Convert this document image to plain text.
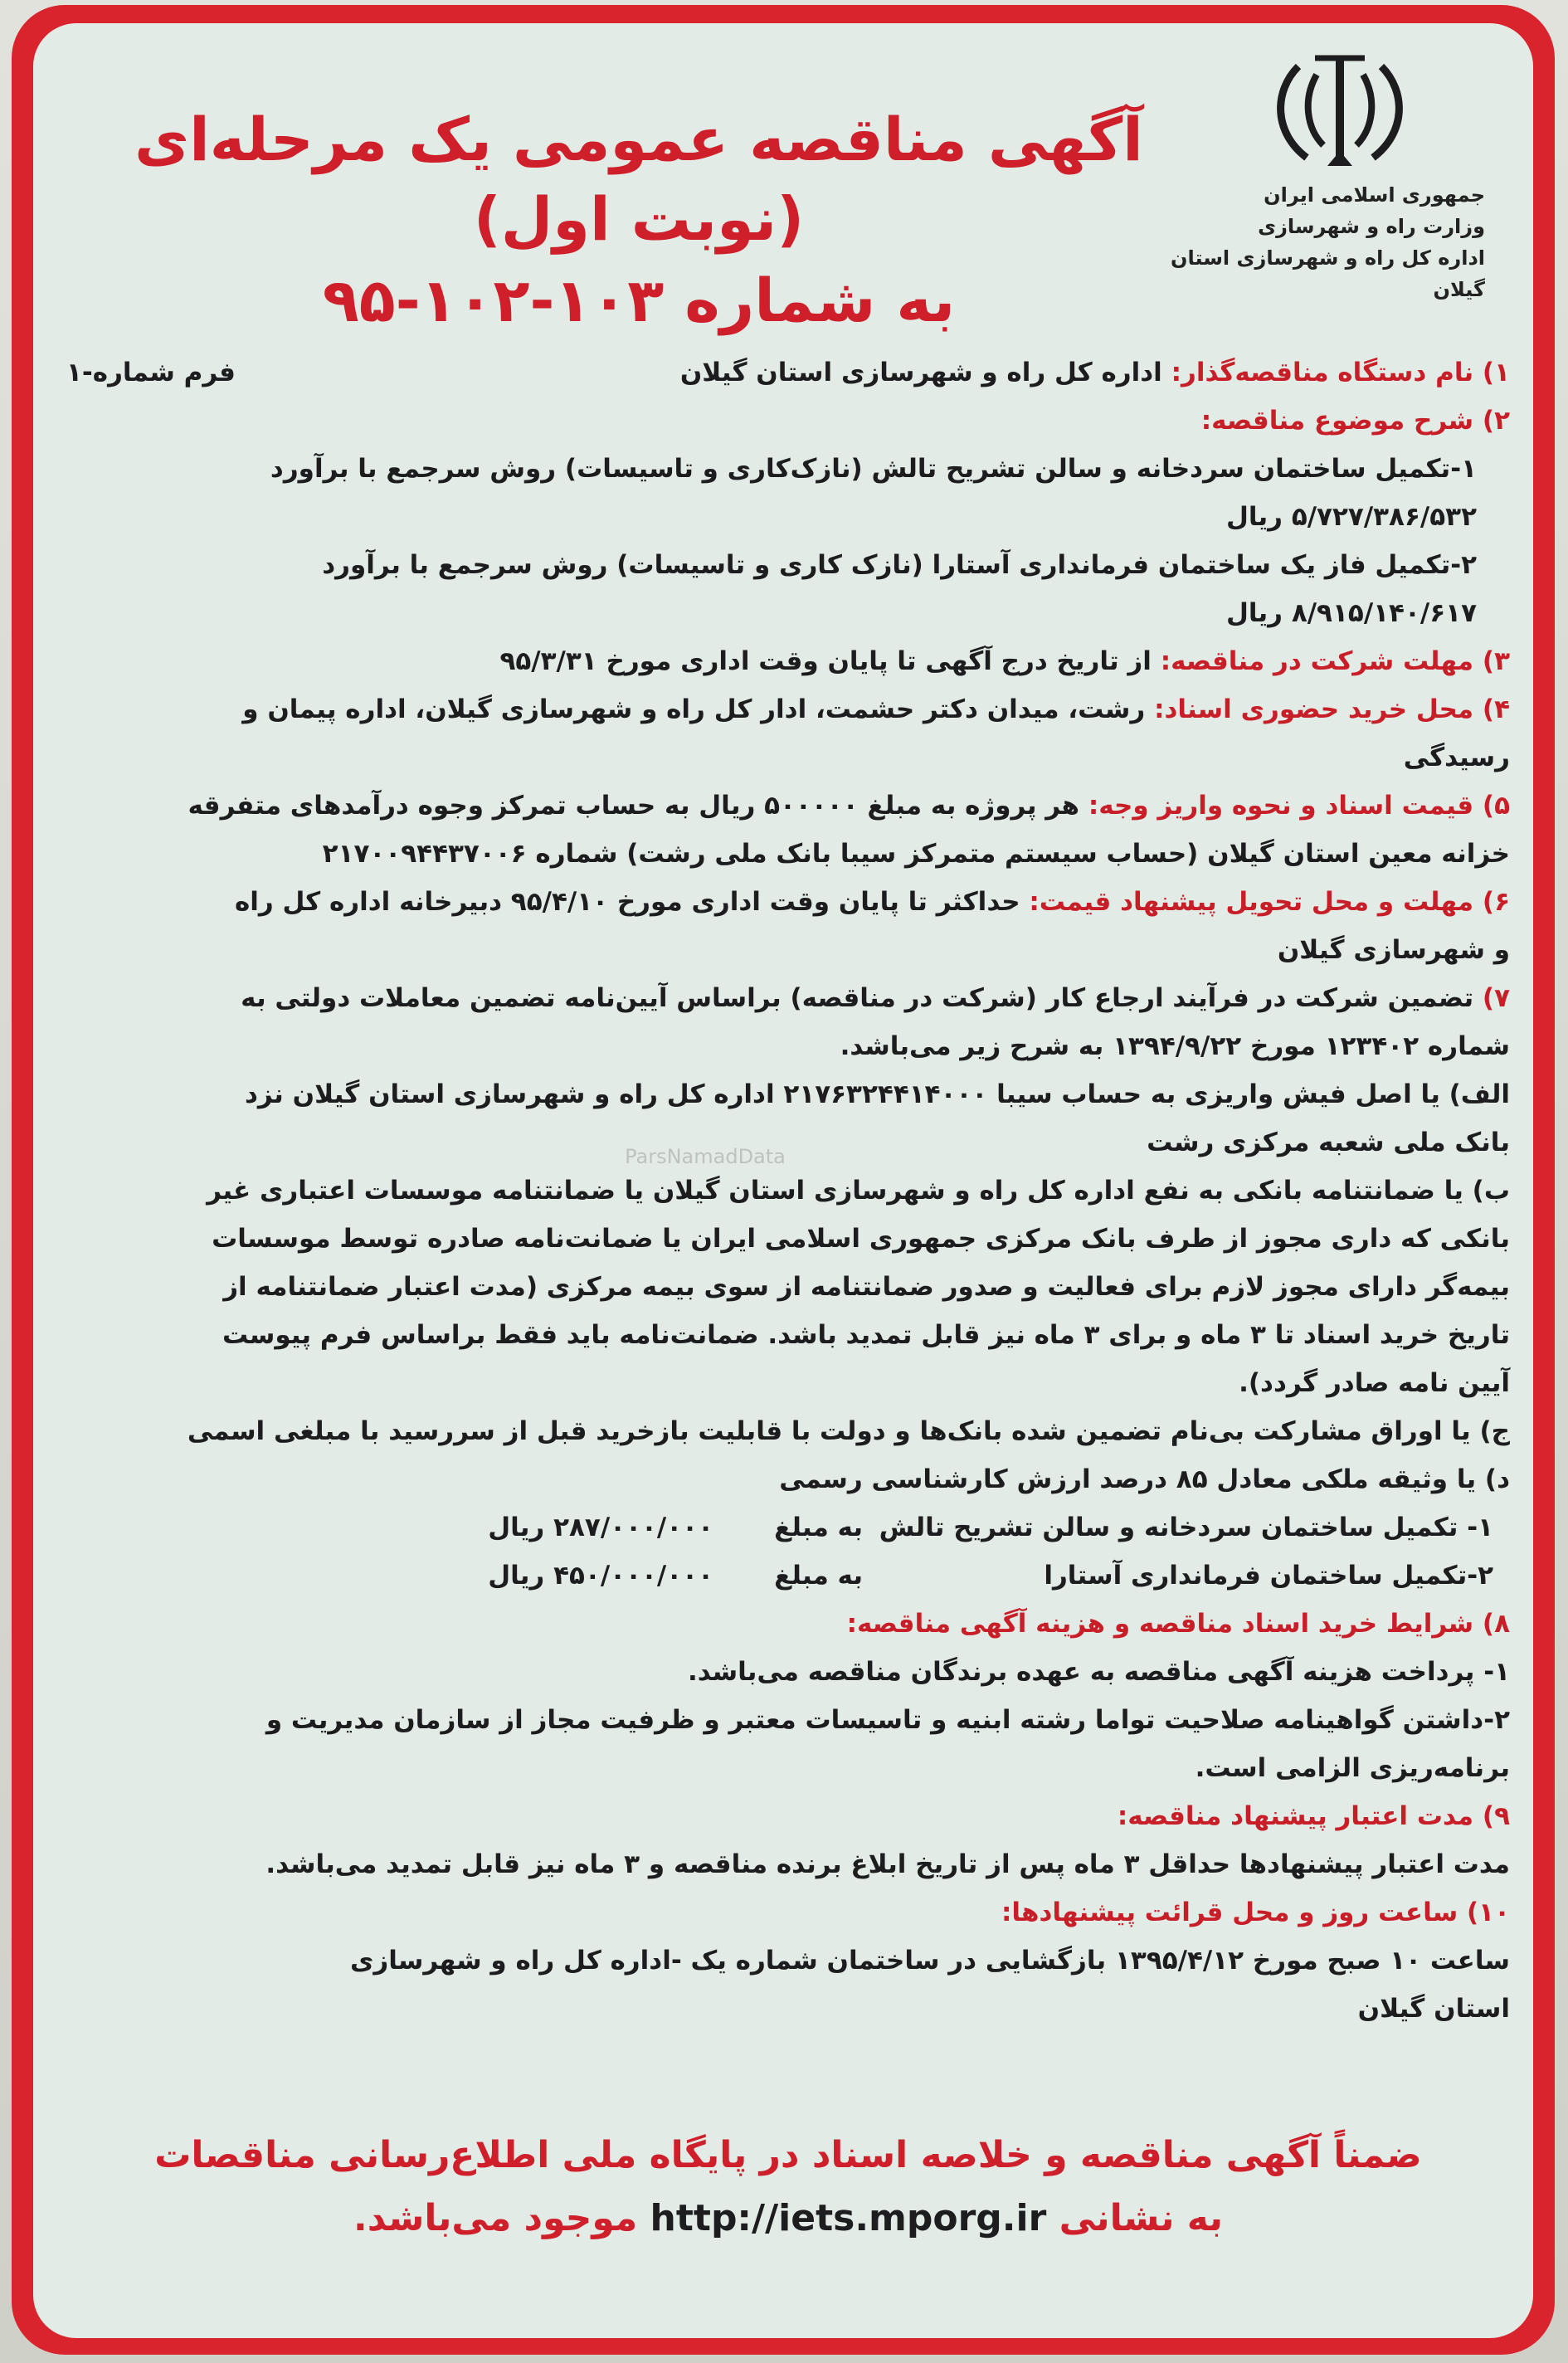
ParsNamadData
جمهوری اسلامی ایران
وزارت راه و شهرسازی
اداره کل راه و شهرسازی استان گیلان
آگهی مناقصه عمومی یک مرحله‌ای (نوبت اول)
به شماره ۱۰۳-۱۰۲-۹۵

۱) نام دستگاه مناقصه‌گذار: اداره کل راه و شهرسازی استان گیلان
فرم شماره-۱

۲) شرح موضوع مناقصه:

۱-تکمیل ساختمان سردخانه و سالن تشریح تالش (نازک‌کاری و تاسیسات) روش سرجمع با برآورد

۵/۷۲۷/۳۸۶/۵۳۲ ریال

۲-تکمیل فاز یک ساختمان فرمانداری آستارا (نازک کاری و تاسیسات) روش سرجمع با برآورد

۸/۹۱۵/۱۴۰/۶۱۷ ریال

۳) مهلت شرکت در مناقصه: از تاریخ درج آگهی تا پایان وقت اداری مورخ ۹۵/۳/۳۱

۴) محل خرید حضوری اسناد: رشت، میدان دکتر حشمت، ادار کل راه و شهرسازی گیلان، اداره پیمان و

رسیدگی

۵) قیمت اسناد و نحوه واریز وجه: هر پروژه به مبلغ ۵۰۰۰۰۰ ریال به حساب تمرکز وجوه درآمدهای متفرقه

خزانه معین استان گیلان (حساب سیستم متمرکز سیبا بانک ملی رشت) شماره ۲۱۷۰۰۹۴۴۳۷۰۰۶

۶) مهلت و محل تحویل پیشنهاد قیمت: حداکثر تا پایان وقت اداری مورخ ۹۵/۴/۱۰ دبیرخانه اداره کل راه

و شهرسازی گیلان

۷) تضمین شرکت در فرآیند ارجاع کار (شرکت در مناقصه) براساس آیین‌نامه تضمین معاملات دولتی به

شماره ۱۲۳۴۰۲ مورخ ۱۳۹۴/۹/۲۲ به شرح زیر می‌باشد.

الف) یا اصل فیش واریزی به حساب سیبا ۲۱۷۶۳۲۴۴۱۴۰۰۰ اداره کل راه و شهرسازی استان گیلان نزد

بانک ملی شعبه مرکزی رشت

ب) یا ضمانتنامه بانکی به نفع اداره کل راه و شهرسازی استان گیلان یا ضمانتنامه موسسات اعتباری غیر

بانکی که داری مجوز از طرف بانک مرکزی جمهوری اسلامی ایران یا ضمانت‌نامه صادره توسط موسسات

بیمه‌گر دارای مجوز لازم برای فعالیت و صدور ضمانتنامه از سوی بیمه مرکزی (مدت اعتبار ضمانتنامه از

تاریخ خرید اسناد تا ۳ ماه و برای ۳ ماه نیز قابل تمدید باشد. ضمانت‌نامه باید فقط براساس فرم پیوست

آیین نامه صادر گردد).

ج) یا اوراق مشارکت بی‌نام تضمین شده بانک‌ها و دولت با قابلیت بازخرید قبل از سررسید با مبلغی اسمی

د) یا وثیقه ملکی معادل ۸۵ درصد ارزش کارشناسی رسمی

۱- تکمیل ساختمان سردخانه و سالن تشریح تالش
به مبلغ
۲۸۷/۰۰۰/۰۰۰ ریال
۲-تکمیل ساختمان فرمانداری آستارا
به مبلغ
۴۵۰/۰۰۰/۰۰۰ ریال

۸) شرایط خرید اسناد مناقصه و هزینه آگهی مناقصه:

۱- پرداخت هزینه آگهی مناقصه به عهده برندگان مناقصه می‌باشد.

۲-داشتن گواهینامه صلاحیت تواما رشته ابنیه و تاسیسات معتبر و ظرفیت مجاز از سازمان مدیریت و

برنامه‌ریزی الزامی است.

۹) مدت اعتبار پیشنهاد مناقصه:

مدت اعتبار پیشنهادها حداقل ۳ ماه پس از تاریخ ابلاغ برنده مناقصه و ۳ ماه نیز قابل تمدید می‌باشد.

۱۰) ساعت روز و محل قرائت پیشنهادها:

ساعت ۱۰ صبح مورخ ۱۳۹۵/۴/۱۲ بازگشایی در ساختمان شماره یک -اداره کل راه و شهرسازی

استان گیلان

ضمناً آگهی مناقصه و خلاصه اسناد در پایگاه ملی اطلاع‌رسانی مناقصات
به نشانی http://iets.mporg.ir موجود می‌باشد.
